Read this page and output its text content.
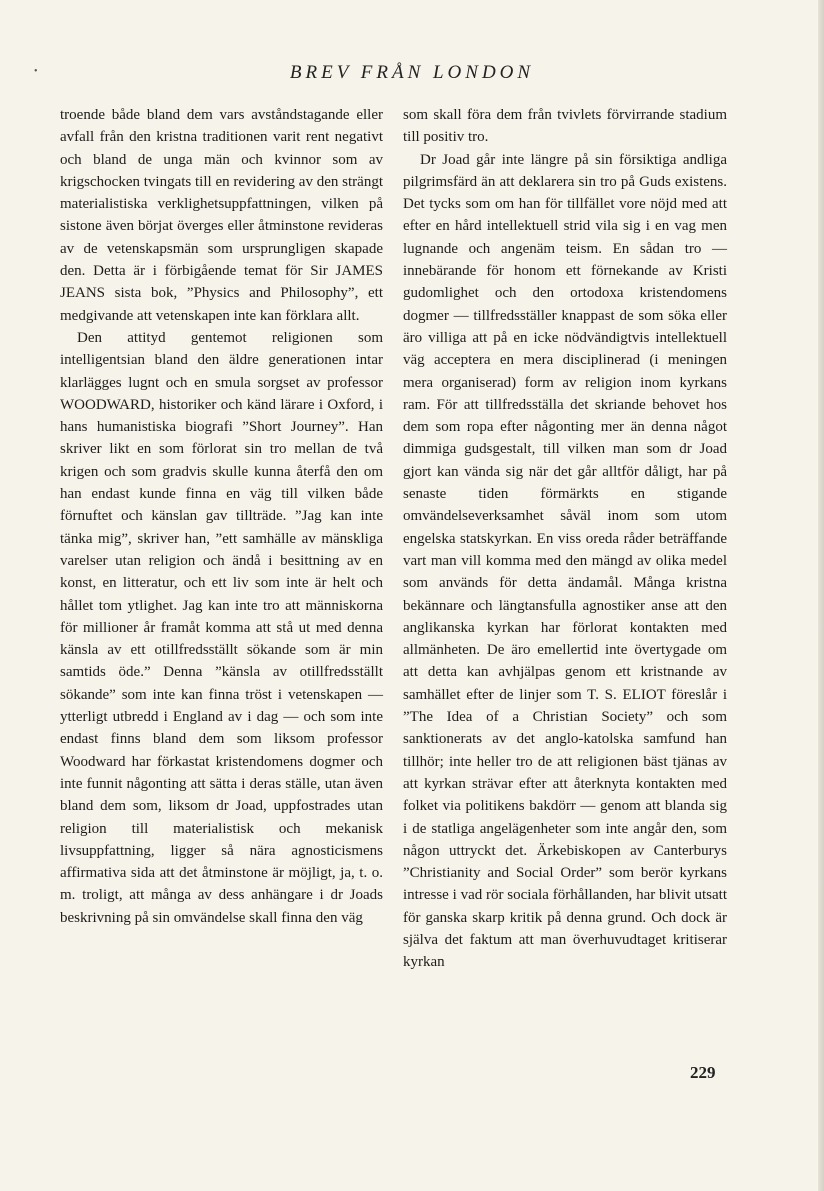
•	BREV FRÅN LONDON

troende både bland dem vars avståndstagande eller avfall från den kristna traditionen varit rent negativt och bland de unga män och kvinnor som av krigschocken tvingats till en revidering av den strängt materialistiska verklighetsuppfattningen, vilken på sistone även börjat överges eller åtminstone revideras av de vetenskapsmän som ursprungligen skapade den. Detta är i förbigående temat för Sir JAMES JEANS sista bok, ”Physics and Philosophy”, ett medgivande att vetenskapen inte kan förklara allt.

Den attityd gentemot religionen som intelligentsian bland den äldre generationen intar klarlägges lugnt och en smula sorgset av professor WOODWARD, historiker och känd lärare i Oxford, i hans humanistiska biografi ”Short Journey”. Han skriver likt en som förlorat sin tro mellan de två krigen och som gradvis skulle kunna återfå den om han endast kunde finna en väg till vilken både förnuftet och känslan gav tillträde. ”Jag kan inte tänka mig”, skriver han, ”ett samhälle av mänskliga varelser utan religion och ändå i besittning av en konst, en litteratur, och ett liv som inte är helt och hållet tom ytlighet. Jag kan inte tro att människorna för millioner år framåt komma att stå ut med denna känsla av ett otillfredsställt sökande som är min samtids öde.” Denna ”känsla av otillfredsställt sökande” som inte kan finna tröst i vetenskapen — ytterligt utbredd i England av i dag — och som inte endast finns bland dem som liksom professor Woodward har förkastat kristendomens dogmer och inte funnit någonting att sätta i deras ställe, utan även bland dem som, liksom dr Joad, uppfostrades utan religion till materialistisk och mekanisk livsuppfattning, ligger så nära agnosticismens affirmativa sida att det åtminstone är möjligt, ja, t. o. m. troligt, att många av dess anhängare i dr Joads beskrivning på sin omvändelse skall finna den väg

som skall föra dem från tvivlets förvirrande stadium till positiv tro.

Dr Joad går inte längre på sin försiktiga andliga pilgrimsfärd än att deklarera sin tro på Guds existens. Det tycks som om han för tillfället vore nöjd med att efter en hård intellektuell strid vila sig i en vag men lugnande och angenäm teism. En sådan tro — innebärande för honom ett förnekande av Kristi gudomlighet och den ortodoxa kristendomens dogmer — tillfredsställer knappast de som söka eller äro villiga att på en icke nödvändigtvis intellektuell väg acceptera en mera disciplinerad (i meningen mera organiserad) form av religion inom kyrkans ram. För att tillfredsställa det skriande behovet hos dem som ropa efter någonting mer än denna något dimmiga gudsgestalt, till vilken man som dr Joad gjort kan vända sig när det går alltför dåligt, har på senaste tiden förmärkts en stigande omvändelseverksamhet såväl inom som utom engelska statskyrkan. En viss oreda råder beträffande vart man vill komma med den mängd av olika medel som används för detta ändamål. Många kristna bekännare och längtansfulla agnostiker anse att den anglikanska kyrkan har förlorat kontakten med allmänheten. De äro emellertid inte övertygade om att detta kan avhjälpas genom ett kristnande av samhället efter de linjer som T. S. ELIOT föreslår i ”The Idea of a Christian Society” och som sanktionerats av det anglo-katolska samfund han tillhör; inte heller tro de att religionen bäst tjänas av att kyrkan strävar efter att återknyta kontakten med folket via politikens bakdörr — genom att blanda sig i de statliga angelägenheter som inte angår den, som någon uttryckt det. Ärkebiskopen av Canterburys ”Christianity and Social Order” som berör kyrkans intresse i vad rör sociala förhållanden, har blivit utsatt för ganska skarp kritik på denna grund. Och dock är själva det faktum att man överhuvudtaget kritiserar kyrkan

229
